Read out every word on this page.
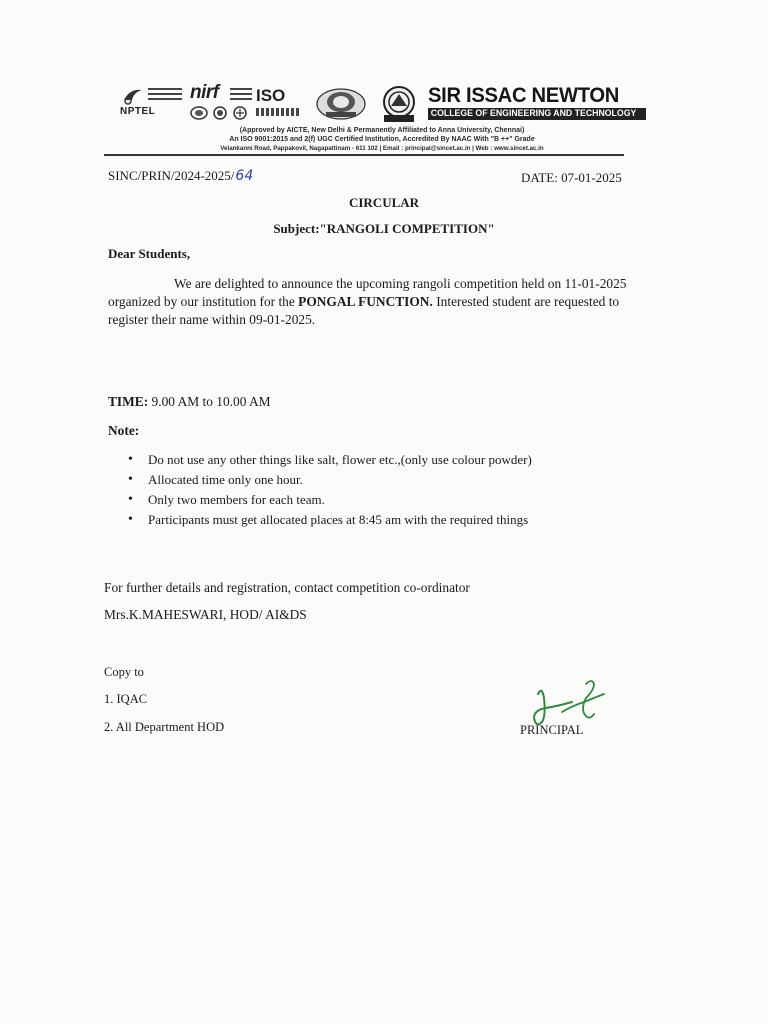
NPTEL
nirf ISO	SIR ISSAC NEWTON
COLLEGE OF ENGINEERING AND TECHNOLOGY
(Approved by AICTE, New Delhi & Permanently Affiliated to Anna University, Chennai)
An ISO 9001:2015 and 2(f) UGC Certified Institution, Accredited By NAAC With "B ++" Grade
Velankanni Road, Pappakovil, Nagapattinam - 611 102 | Email : principal@sincet.ac.in | Web : www.sincet.ac.in
SINC/PRIN/2024-2025/64	DATE: 07-01-2025
CIRCULAR
Subject:"RANGOLI COMPETITION"
Dear Students,
We are delighted to announce the upcoming rangoli competition held on 11-01-2025 organized by our institution for the PONGAL FUNCTION. Interested student are requested to register their name within 09-01-2025.
TIME: 9.00 AM to 10.00 AM
Note:
• Do not use any other things like salt, flower etc.,(only use colour powder)
• Allocated time only one hour.
• Only two members for each team.
• Participants must get allocated places at 8:45 am with the required things
For further details and registration, contact competition co-ordinator
Mrs.K.MAHESWARI, HOD/ AI&DS
Copy to
1. IQAC
2. All Department HOD	PRINCIPAL
